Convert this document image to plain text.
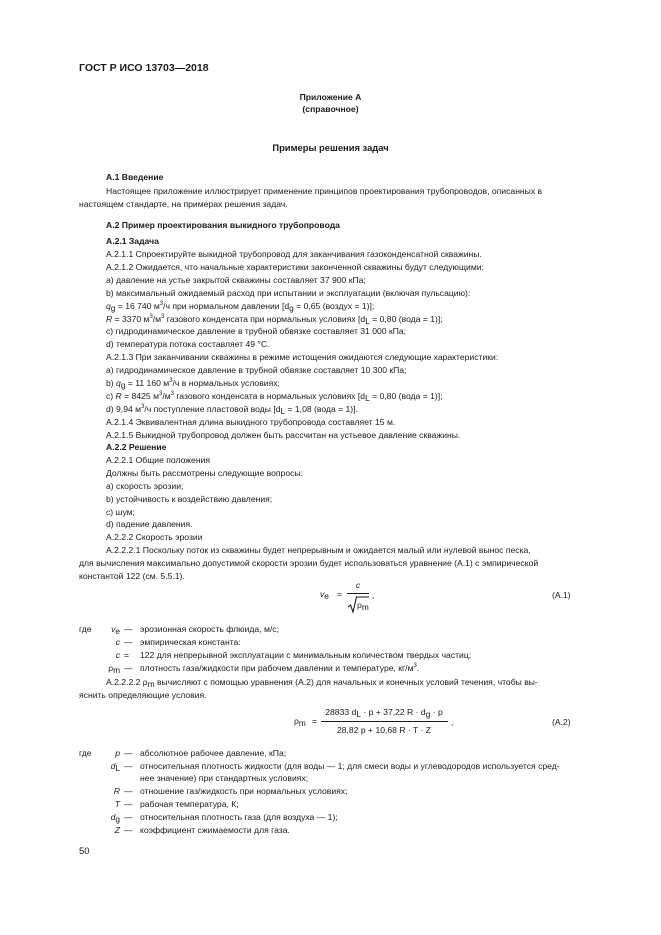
ГОСТ Р ИСО 13703—2018
Приложение А
(справочное)
Примеры решения задач
А.1 Введение
Настоящее приложение иллюстрирует применение принципов проектирования трубопроводов, описанных в
настоящем стандарте, на примерах решения задач.
А.2 Пример проектирования выкидного трубопровода
А.2.1 Задача
А.2.1.1 Спроектируйте выкидной трубопровод для заканчивания газоконденсатной скважины.
А.2.1.2 Ожидается, что начальные характеристики законченной скважины будут следующими:
а) давление на устье закрытой скважины составляет 37 900 кПа;
b) максимальный ожидаемый расход при испытании и эксплуатации (включая пульсацию):
qg = 16 740 $м^3/ч$ при нормальном давлении [dg = 0,65 (воздух = 1)];
R = 3370 $м^3/м^3$ газового конденсата при нормальных условиях [dL = 0,80 (вода = 1)];
c) гидродинамическое давление в трубной обвязке составляет 31 000 кПа;
d) температура потока составляет 49 °С.
А.2.1.3 При заканчивании скважины в режиме истощения ожидаются следующие характеристики:
а) гидродинамическое давление в трубной обвязке составляет 10 300 кПа;
b) qg = 11 160 $м^3/ч$ в нормальных условиях;
c) R = 8425 $м^3/м^3$ газового конденсата в нормальных условиях [dL = 0,80 (вода = 1)];
d) 9,94 $м^3/ч$ поступление пластовой воды [dL = 1,08 (вода = 1)].
А.2.1.4 Эквивалентная длина выкидного трубопровода составляет 15 м.
А.2.1.5 Выкидной трубопровод должен быть рассчитан на устьевое давление скважины.
А.2.2 Решение
А.2.2.1 Общие положения
Должны быть рассмотрены следующие вопросы:
а) скорость эрозии;
b) устойчивость к воздействию давления;
c) шум;
d) падение давления.
А.2.2.2 Скорость эрозии
А.2.2.2.1 Поскольку поток из скважины будет непрерывным и ожидается малый или нулевой вынос песка,
для вычисления максимально допустимой скорости эрозии будет использоваться уравнение (А.1) с эмпирической
константой 122 (см. 5.5.1).
ve =
c
ρm
,	(А.1)
где	ve — эрозионная скорость флюида, м/с;
c — эмпирическая константа:
c = 122 для непрерывной эксплуатации с минимальным количеством твердых частиц;
ρm — плотность газа/жидкости при рабочем давлении и температуре, $кг/м^3$.
А.2.2.2.2 ρm вычисляют с помощью уравнения (А.2) для начальных и конечных условий течения, чтобы вы-
яснить определяющие условия.
ρm =
28833 dL · p + 37,22 R · dg · p
28,82 p + 10,68 R · T · Z
,	(А.2)
где	p — абсолютное рабочее давление, кПа;
dL — относительная плотность жидкости (для воды — 1; для смеси воды и углеводородов используется сред-
нее значение) при стандартных условиях;
R — отношение газ/жидкость при нормальных условиях;
T — рабочая температура, К;
dg — относительная плотность газа (для воздуха — 1);
Z — коэффициент сжимаемости для газа.
50
